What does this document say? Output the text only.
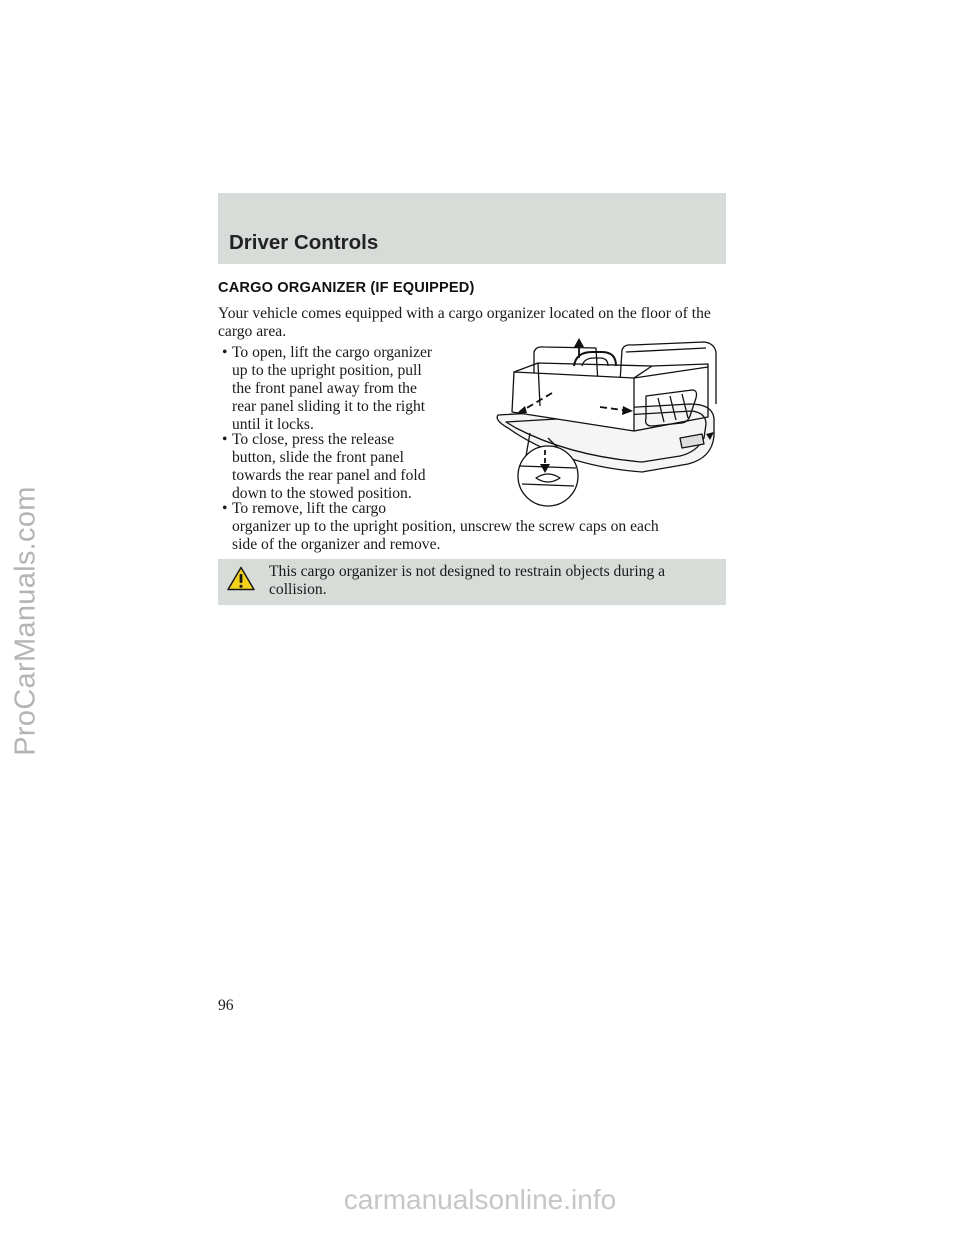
ProCarManuals.com
Driver Controls
CARGO ORGANIZER (IF EQUIPPED)

Your vehicle comes equipped with a cargo organizer located on the floor of the cargo area.

• To open, lift the cargo organizer
up to the upright position, pull
the front panel away from the
rear panel sliding it to the right
until it locks.
• To close, press the release
button, slide the front panel
towards the rear panel and fold
down to the stowed position.
• To remove, lift the cargo
organizer up to the upright position, unscrew the screw caps on each
side of the organizer and remove.

This cargo organizer is not designed to restrain objects during a collision.

96

carmanualsonline.info
